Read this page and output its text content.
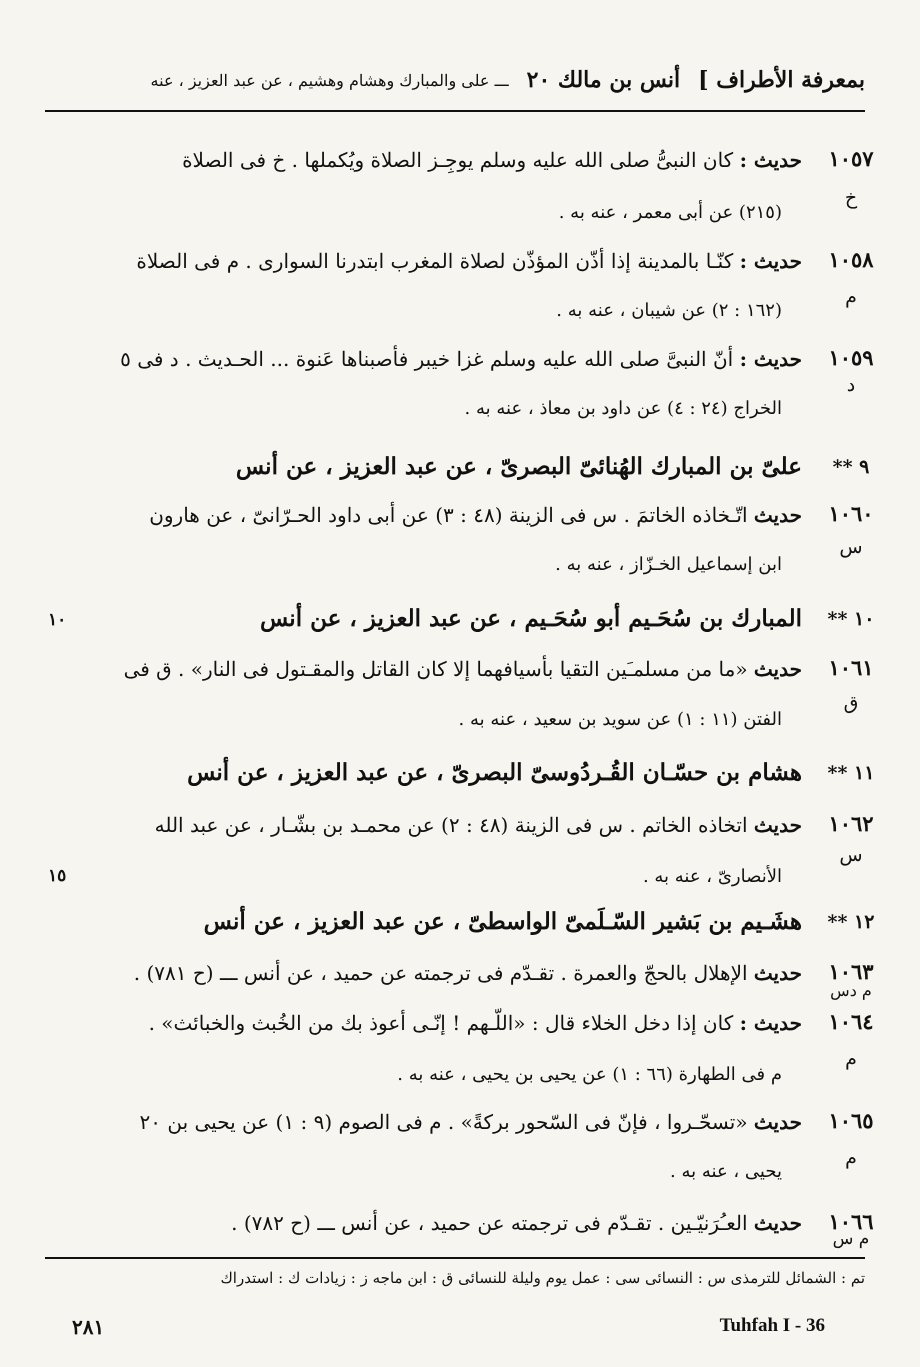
بمعرفة الأطراف ]
أنس بن مالك ٢٠
ـــ على والمبارك وهشام وهشيم ، عن عبد العزيز ، عنه
١٠٥٧
خ
حديث : كان النبىُّ صلى الله عليه وسلم يوجِـز الصلاة ويُكملها . خ فى الصلاة
(٢١٥) عن أبى معمر ، عنه به .
١٠٥٨
م
حديث : كنّـا بالمدينة إذا أذّن المؤذّن لصلاة المغرب ابتدرنا السوارى . م فى الصلاة
(١٦٢ : ٢) عن شيبان ، عنه به .
١٠٥٩
د
حديث : أنّ النبىَّ صلى الله عليه وسلم غزا خيبر فأصبناها عَنوة ... الحـديث . د فى ٥
الخراج (٢٤ : ٤) عن داود بن معاذ ، عنه به .
٩ **
علىّ بن المبارك الهُنائىّ البصرىّ ، عن عبد العزيز ، عن أنس
١٠٦٠
س
حديث اتّـخاذه الخاتمَ . س فى الزينة (٤٨ : ٣) عن أبى داود الحـرّانىّ ، عن هارون
ابن إسماعيل الخـزّاز ، عنه به .
١٠ **
المبارك بن سُحَـيم أبو سُحَـيم ، عن عبد العزيز ، عن أنس
١٠
١٠٦١
ق
حديث «ما من مسلمـَين التقيا بأسيافهما إلا كان القاتل والمقـتول فى النار» . ق فى
الفتن (١١ : ١) عن سويد بن سعيد ، عنه به .
١١ **
هشام بن حسّـان القُـردُوسىّ البصرىّ ، عن عبد العزيز ، عن أنس
١٠٦٢
س
حديث اتخاذه الخاتم . س فى الزينة (٤٨ : ٢) عن محمـد بن بشّـار ، عن عبد الله
الأنصارىّ ، عنه به .
١٥
١٢ **
هشَـيم بن بَشير السّـلَمىّ الواسطىّ ، عن عبد العزيز ، عن أنس
١٠٦٣
م دس
حديث الإهلال بالحجّ والعمرة . تقـدّم فى ترجمته عن حميد ، عن أنس ـــ (ح ٧٨١) .
١٠٦٤
م
حديث : كان إذا دخل الخلاء قال : «اللّـهم ! إنّـى أعوذ بك من الخُبث والخبائث» .
م فى الطهارة (٦٦ : ١) عن يحيى بن يحيى ، عنه به .
١٠٦٥
م
حديث «تسحّـروا ، فإنّ فى السّحور بركةً» . م فى الصوم (٩ : ١) عن يحيى بن ٢٠
يحيى ، عنه به .
١٠٦٦
م س
حديث العـُرَنيّـين . تقـدّم فى ترجمته عن حميد ، عن أنس ـــ (ح ٧٨٢) .
تم : الشمائل للترمذى س : النسائى سى : عمل يوم وليلة للنسائى ق : ابن ماجه ز : زيادات ك : استدراك
٢٨١	Tuhfah I - 36
